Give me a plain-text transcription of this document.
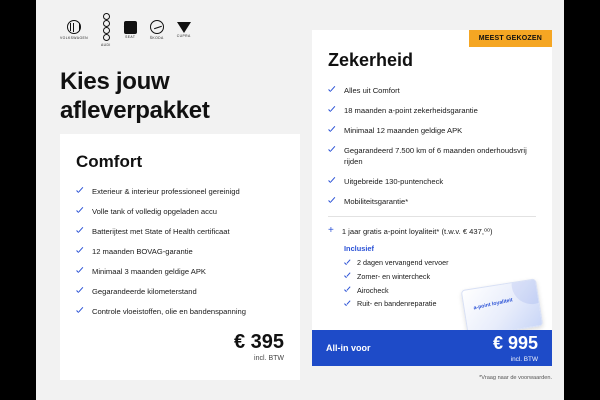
VOLKSWAGEN
AUDI
S
SEAT	ŠKODA	CUPRA
Kies jouw afleverpakket
Comfort
Exterieur & interieur professioneel gereinigd
Volle tank of volledig opgeladen accu
Batterijtest met State of Health certificaat
12 maanden BOVAG-garantie
Minimaal 3 maanden geldige APK
Gegarandeerde kilometerstand
Controle vloeistoffen, olie en bandenspanning
€ 395
incl. BTW
MEEST GEKOZEN
Zekerheid
Alles uit Comfort
18 maanden a-point zekerheidsgarantie
Minimaal 12 maanden geldige APK
Gegarandeerd 7.500 km of 6 maanden onderhoudsvrij rijden
Uitgebreide 130-puntencheck
Mobiliteitsgarantie*
+ 1 jaar gratis a-point loyaliteit* (t.w.v. € 437,⁰⁰)
Inclusief
2 dagen vervangend vervoer
Zomer- en wintercheck
Airocheck
Ruit- en bandenreparatie	a-point loyaliteit
All-in voor	€ 995
incl. BTW
*Vraag naar de voorwaarden.
